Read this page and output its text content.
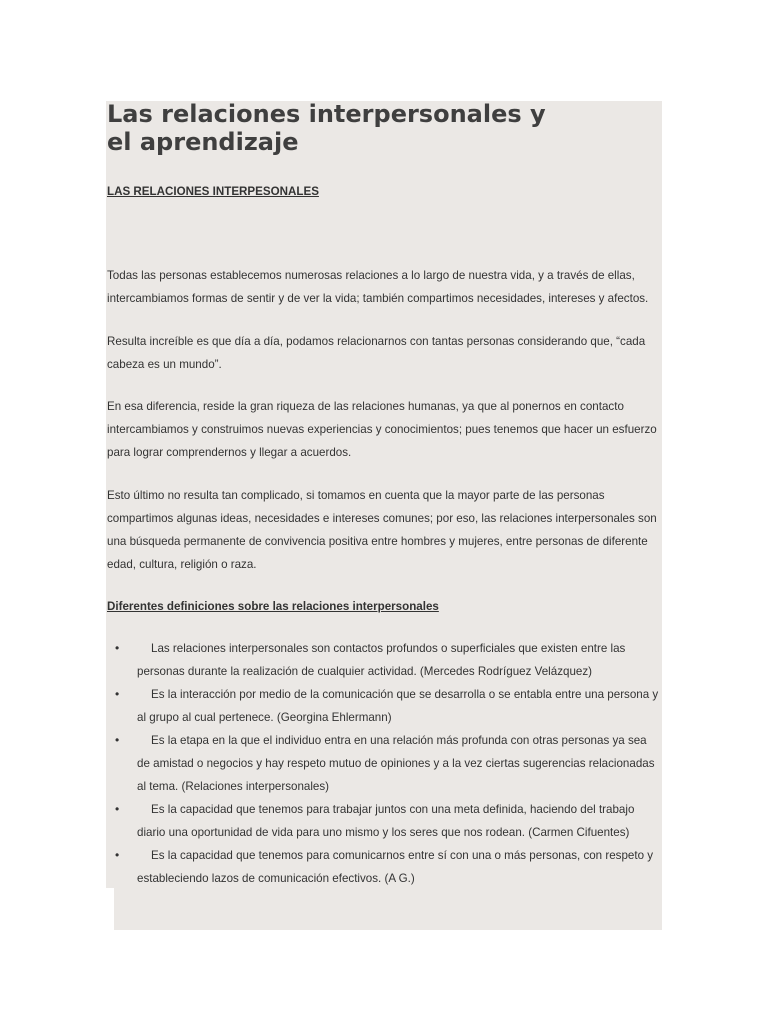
Las relaciones interpersonales y el aprendizaje

LAS RELACIONES INTERPESONALES

Todas las personas establecemos numerosas relaciones a lo largo de nuestra vida, y a través de ellas, intercambiamos formas de sentir y de ver la vida; también compartimos necesidades, intereses y afectos.

Resulta increíble es que día a día, podamos relacionarnos con tantas personas considerando que, “cada cabeza es un mundo”.

En esa diferencia, reside la gran riqueza de las relaciones humanas, ya que al ponernos en contacto intercambiamos y construimos nuevas experiencias y conocimientos; pues tenemos que hacer un esfuerzo para lograr comprendernos y llegar a acuerdos.

Esto último no resulta tan complicado, si tomamos en cuenta que la mayor parte de las personas compartimos algunas ideas, necesidades e intereses comunes; por eso, las relaciones interpersonales son una búsqueda permanente de convivencia positiva entre hombres y mujeres, entre personas de diferente edad, cultura, religión o raza.

Diferentes definiciones sobre las relaciones interpersonales

•	Las relaciones interpersonales son contactos profundos o superficiales que existen entre las personas durante la realización de cualquier actividad. (Mercedes Rodríguez Velázquez)
•	Es la interacción por medio de la comunicación que se desarrolla o se entabla entre una persona y al grupo al cual pertenece. (Georgina Ehlermann)
•	Es la etapa en la que el individuo entra en una relación más profunda con otras personas ya sea de amistad o negocios y hay respeto mutuo de opiniones y a la vez ciertas sugerencias relacionadas al tema. (Relaciones interpersonales)
•	Es la capacidad que tenemos para trabajar juntos con una meta definida, haciendo del trabajo diario una oportunidad de vida para uno mismo y los seres que nos rodean. (Carmen Cifuentes)
•	Es la capacidad que tenemos para comunicarnos entre sí con una o más personas, con respeto y estableciendo lazos de comunicación efectivos. (A G.)
